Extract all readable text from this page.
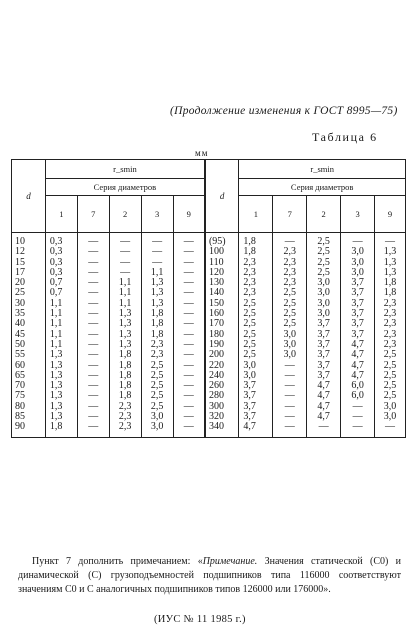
(Продолжение изменения к ГОСТ 8995—75)
Таблица 6
мм
d	r_smin					d	r_smin				
	Серия диаметров						Серия диаметров				
	1	7	2	3	9		1	7	2	3	9
10	0,3	—	—	—	—	(95)	1,8	—	2,5	—	—
12	0,3	—	—	—	—	100	1,8	2,3	2,5	3,0	1,3
15	0,3	—	—	—	—	110	2,3	2,3	2,5	3,0	1,3
17	0,3	—	—	1,1	—	120	2,3	2,3	2,5	3,0	1,3
20	0,7	—	1,1	1,3	—	130	2,3	2,3	3,0	3,7	1,8
25	0,7	—	1,1	1,3	—	140	2,3	2,5	3,0	3,7	1,8
30	1,1	—	1,1	1,3	—	150	2,5	2,5	3,0	3,7	2,3
35	1,1	—	1,3	1,8	—	160	2,5	2,5	3,0	3,7	2,3
40	1,1	—	1,3	1,8	—	170	2,5	2,5	3,7	3,7	2,3
45	1,1	—	1,3	1,8	—	180	2,5	3,0	3,7	3,7	2,3
50	1,1	—	1,3	2,3	—	190	2,5	3,0	3,7	4,7	2,3
55	1,3	—	1,8	2,3	—	200	2,5	3,0	3,7	4,7	2,5
60	1,3	—	1,8	2,5	—	220	3,0	—	3,7	4,7	2,5
65	1,3	—	1,8	2,5	—	240	3,0	—	3,7	4,7	2,5
70	1,3	—	1,8	2,5	—	260	3,7	—	4,7	6,0	2,5
75	1,3	—	1,8	2,5	—	280	3,7	—	4,7	6,0	2,5
80	1,3	—	2,3	2,5	—	300	3,7	—	4,7	—	3,0
85	1,3	—	2,3	3,0	—	320	3,7	—	4,7	—	3,0
90	1,8	—	2,3	3,0	—	340	4,7	—	—	—	—
Пункт 7 дополнить примечанием: «Примечание. Значения статической (C0) и динамической (C) грузоподъемностей подшипников типа 116000 соответствуют значениям C0 и C аналогичных подшипников типов 126000 или 176000».
(ИУС № 11 1985 г.)
